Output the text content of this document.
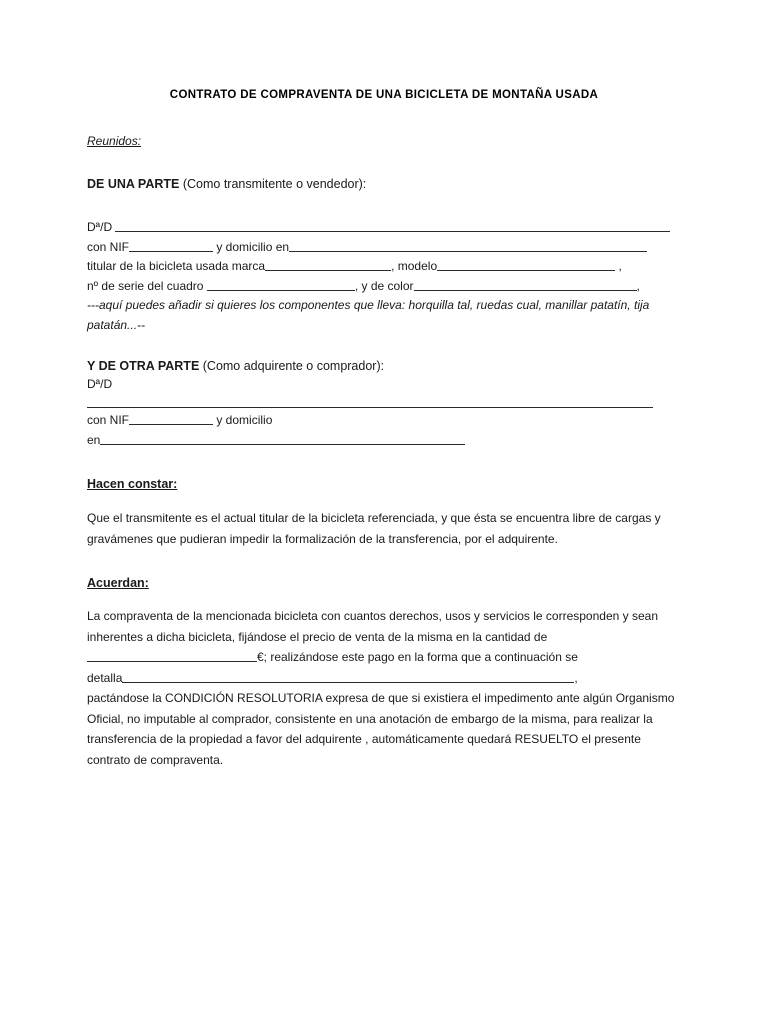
CONTRATO DE COMPRAVENTA DE UNA BICICLETA DE MONTAÑA USADA
Reunidos:
DE UNA PARTE (Como transmitente o vendedor):
Dª/D
con NIF	y domicilio en
titular de la bicicleta usada marca	, modelo	,
nº de serie del cuadro	, y de color	,
---aquí puedes añadir si quieres los componentes que lleva: horquilla tal, ruedas cual, manillar patatín, tija patatán...--
Y DE OTRA PARTE (Como adquirente o comprador):
Dª/D
con NIF	y domicilio
en
Hacen constar:
Que el transmitente es el actual titular de la bicicleta referenciada, y que ésta se encuentra libre de cargas y gravámenes que pudieran impedir la formalización de la transferencia, por el adquirente.
Acuerdan:
La compraventa de la mencionada bicicleta con cuantos derechos, usos y servicios le corresponden y sean inherentes a dicha bicicleta, fijándose el precio de venta de la misma en la cantidad de €; realizándose este pago en la forma que a continuación se
detalla	,
pactándose la CONDICIÓN RESOLUTORIA expresa de que si existiera el impedimento ante algún Organismo Oficial, no imputable al comprador, consistente en una anotación de embargo de la misma, para realizar la transferencia de la propiedad a favor del adquirente , automáticamente quedará RESUELTO el presente contrato de compraventa.
